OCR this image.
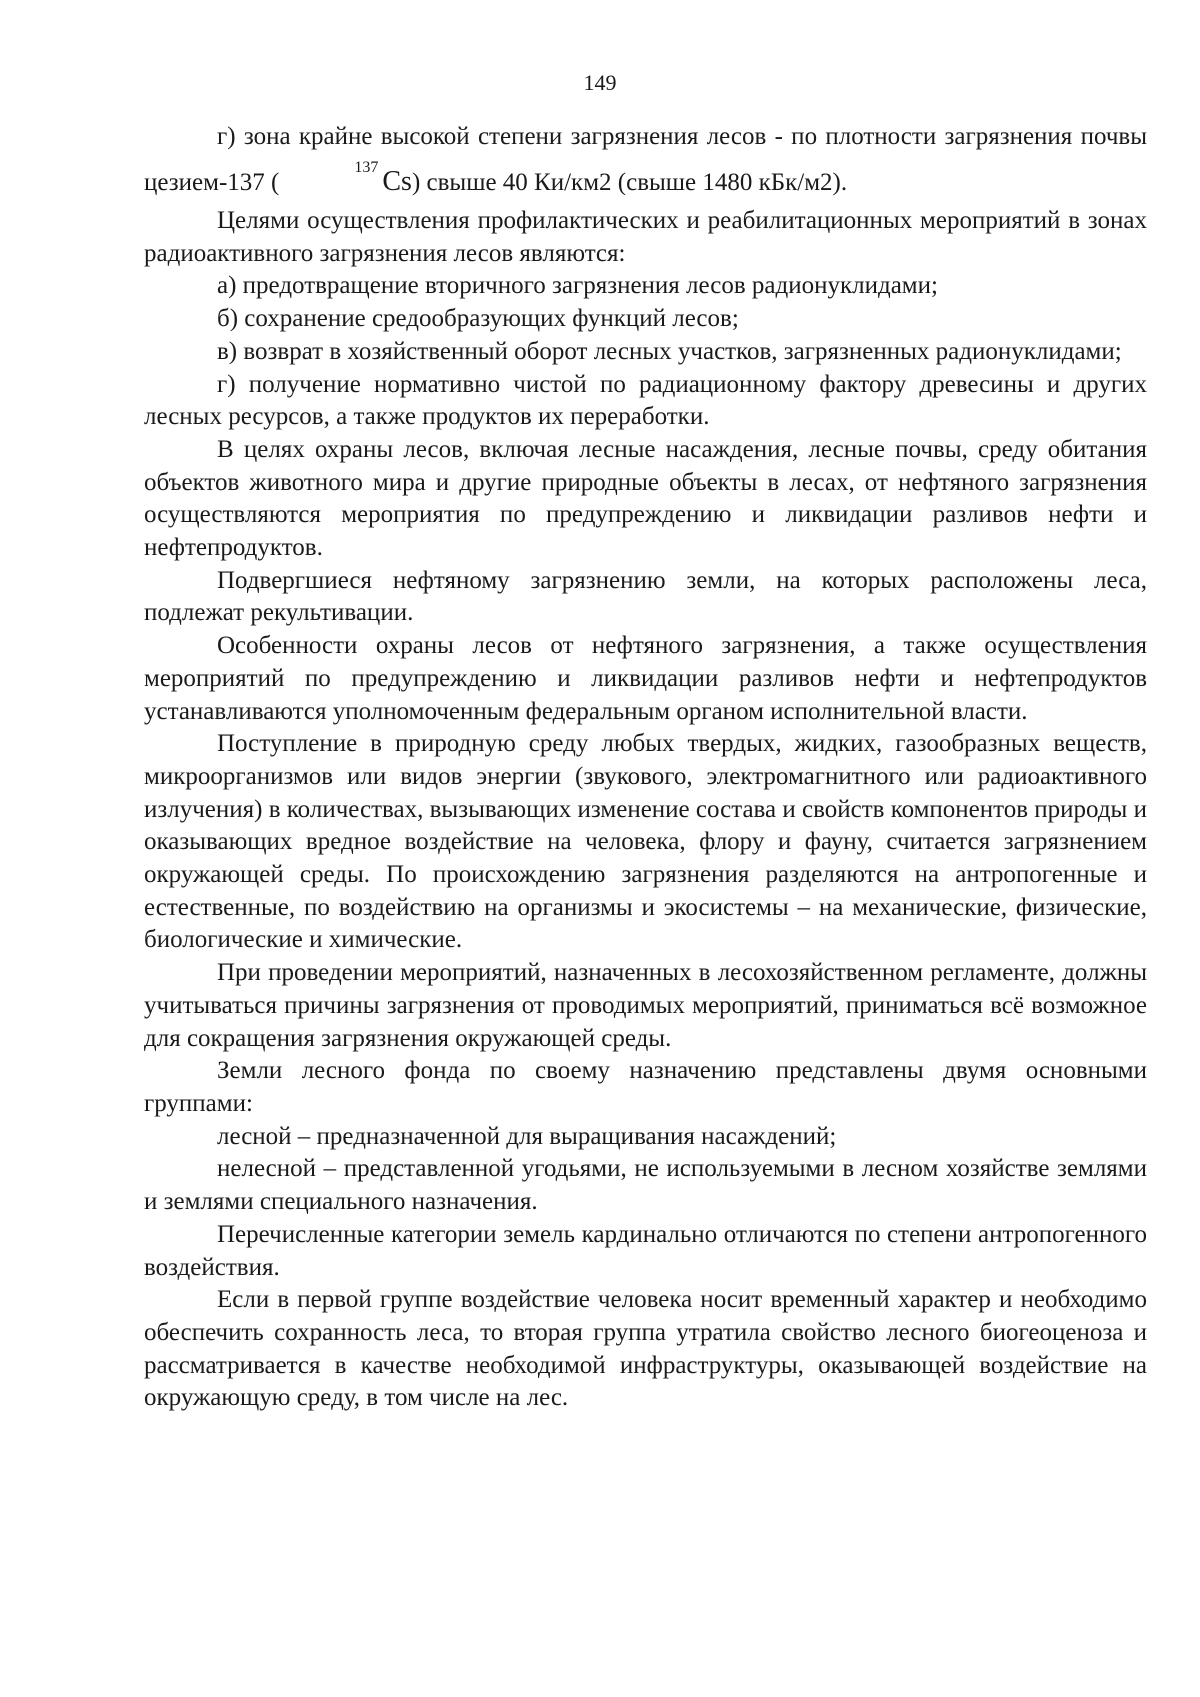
149

г) зона крайне высокой степени загрязнения лесов - по плотности загрязнения почвы цезием-137 (
137 Cs) свыше 40 Ки/км2 (свыше 1480 кБк/м2).

Целями осуществления профилактических и реабилитационных мероприятий в зонах радиоактивного загрязнения лесов являются:

а) предотвращение вторичного загрязнения лесов радионуклидами;

б) сохранение средообразующих функций лесов;

в) возврат в хозяйственный оборот лесных участков, загрязненных радионуклидами;

г) получение нормативно чистой по радиационному фактору древесины и других лесных ресурсов, а также продуктов их переработки.

В целях охраны лесов, включая лесные насаждения, лесные почвы, среду обитания объектов животного мира и другие природные объекты в лесах, от нефтяного загрязнения осуществляются мероприятия по предупреждению и ликвидации разливов нефти и нефтепродуктов.

Подвергшиеся нефтяному загрязнению земли, на которых расположены леса, подлежат рекультивации.

Особенности охраны лесов от нефтяного загрязнения, а также осуществления мероприятий по предупреждению и ликвидации разливов нефти и нефтепродуктов устанавливаются уполномоченным федеральным органом исполнительной власти.

Поступление в природную среду любых твердых, жидких, газообразных веществ, микроорганизмов или видов энергии (звукового, электромагнитного или радиоактивного излучения) в количествах, вызывающих изменение состава и свойств компонентов природы и оказывающих вредное воздействие на человека, флору и фауну, считается загрязнением окружающей среды. По происхождению загрязнения разделяются на антропогенные и естественные, по воздействию на организмы и экосистемы – на механические, физические, биологические и химические.

При проведении мероприятий, назначенных в лесохозяйственном регламенте, должны учитываться причины загрязнения от проводимых мероприятий, приниматься всё возможное для сокращения загрязнения окружающей среды.

Земли лесного фонда по своему назначению представлены двумя основными группами:

лесной – предназначенной для выращивания насаждений;

нелесной – представленной угодьями, не используемыми в лесном хозяйстве землями и землями специального назначения.

Перечисленные категории земель кардинально отличаются по степени антропогенного воздействия.

Если в первой группе воздействие человека носит временный характер и необходимо обеспечить сохранность леса, то вторая группа утратила свойство лесного биогеоценоза и рассматривается в качестве необходимой инфраструктуры, оказывающей воздействие на окружающую среду, в том числе на лес.
